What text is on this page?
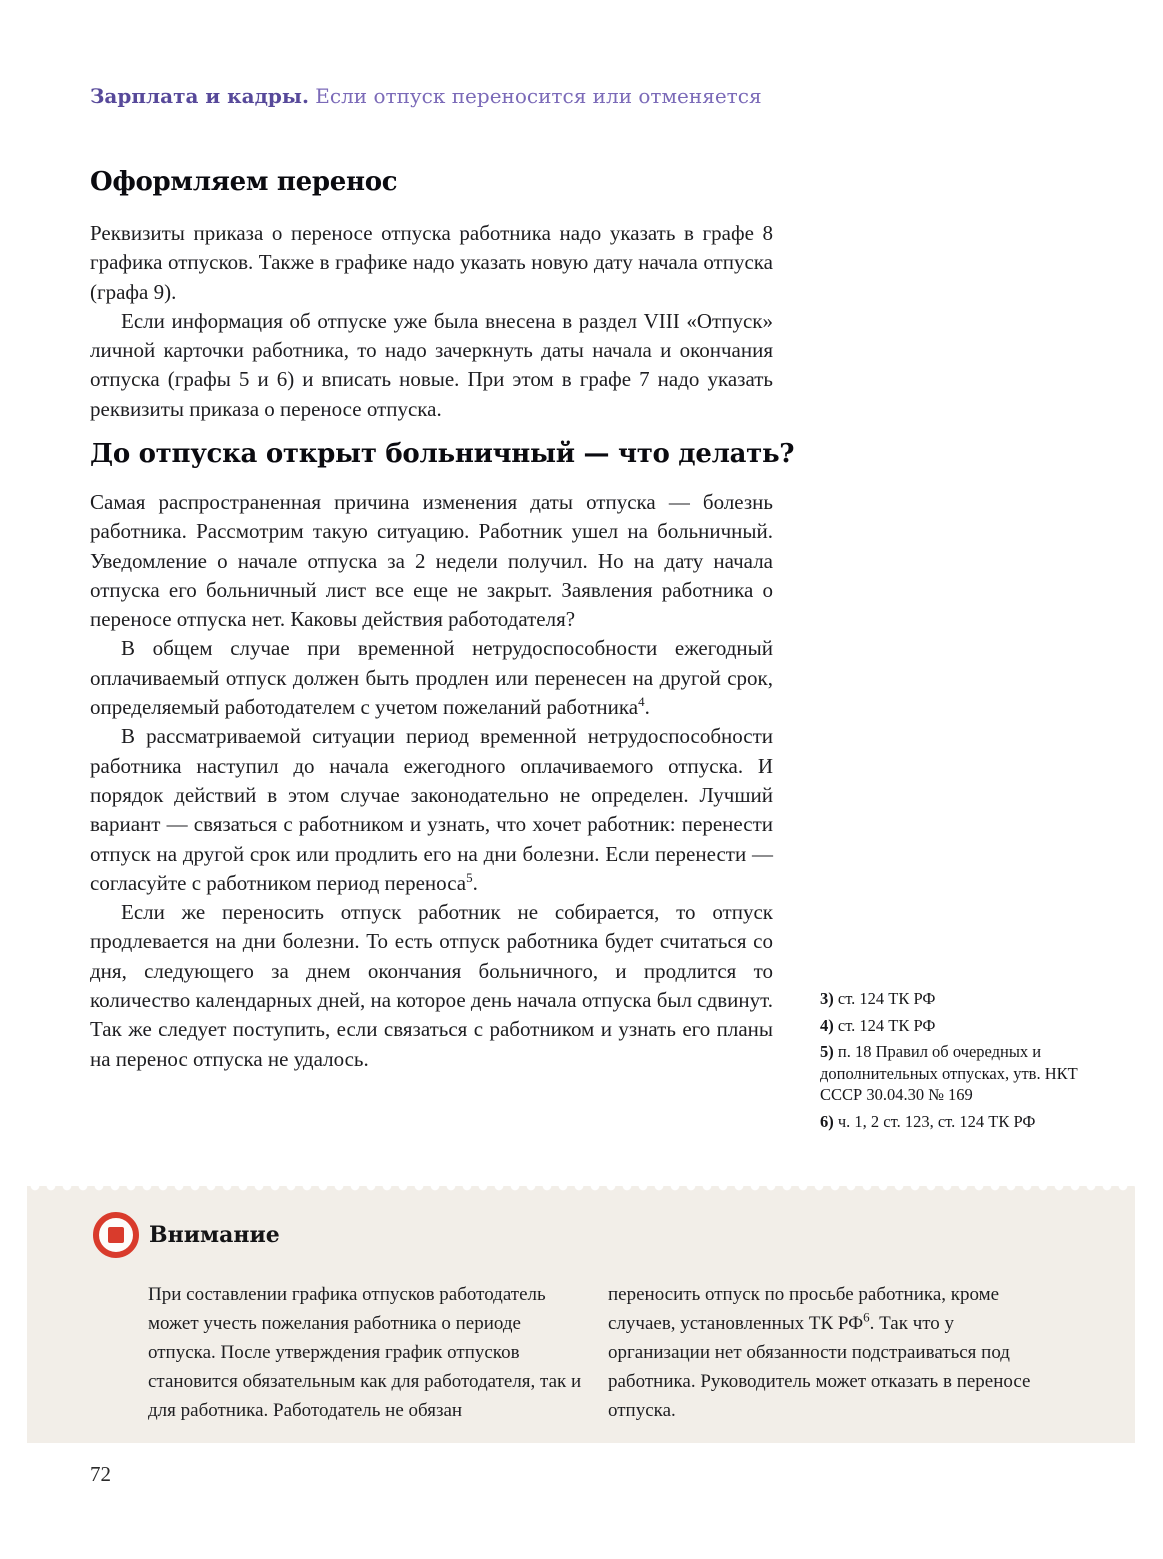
Зарплата и кадры. Если отпуск переносится или отменяется
Оформляем перенос

Реквизиты приказа о переносе отпуска работника надо указать в графе 8 графика отпусков. Также в графике надо указать новую дату начала отпуска (графа 9).

Если информация об отпуске уже была внесена в раздел VIII «Отпуск» личной карточки работника, то надо зачеркнуть даты начала и окончания отпуска (графы 5 и 6) и вписать новые. При этом в графе 7 надо указать реквизиты приказа о переносе отпуска.

До отпуска открыт больничный — что делать?

Самая распространенная причина изменения даты отпуска — болезнь работника. Рассмотрим такую ситуацию. Работник ушел на больничный. Уведомление о начале отпуска за 2 недели получил. Но на дату начала отпуска его больничный лист все еще не закрыт. Заявления работника о переносе отпуска нет. Каковы действия работодателя?

В общем случае при временной нетрудоспособности ежегодный оплачиваемый отпуск должен быть продлен или перенесен на другой срок, определяемый работодателем с учетом пожеланий работника$^4$.

В рассматриваемой ситуации период временной нетрудоспособности работника наступил до начала ежегодного оплачиваемого отпуска. И порядок действий в этом случае законодательно не определен. Лучший вариант — связаться с работником и узнать, что хочет работник: перенести отпуск на другой срок или продлить его на дни болезни. Если перенести — согласуйте с работником период переноса$^5$.

Если же переносить отпуск работник не собирается, то отпуск продлевается на дни болезни. То есть отпуск работника будет считаться со дня, следующего за днем окончания больничного, и продлится то количество календарных дней, на которое день начала отпуска был сдвинут. Так же следует поступить, если связаться с работником и узнать его планы на перенос отпуска не удалось.

3) ст. 124 ТК РФ
4) ст. 124 ТК РФ
5) п. 18 Правил об очередных и дополнительных отпусках, утв. НКТ СССР 30.04.30 № 169
6) ч. 1, 2 ст. 123, ст. 124 ТК РФ
Внимание

При составлении графика отпусков работодатель может учесть пожелания работника о периоде отпуска. После утверждения график отпусков становится обязательным как для работодателя, так и для работника. Работодатель не обязан

переносить отпуск по просьбе работника, кроме случаев, установленных ТК $РФ^6$. Так что у организации нет обязанности подстраиваться под работника. Руководитель может отказать в переносе отпуска.

72
